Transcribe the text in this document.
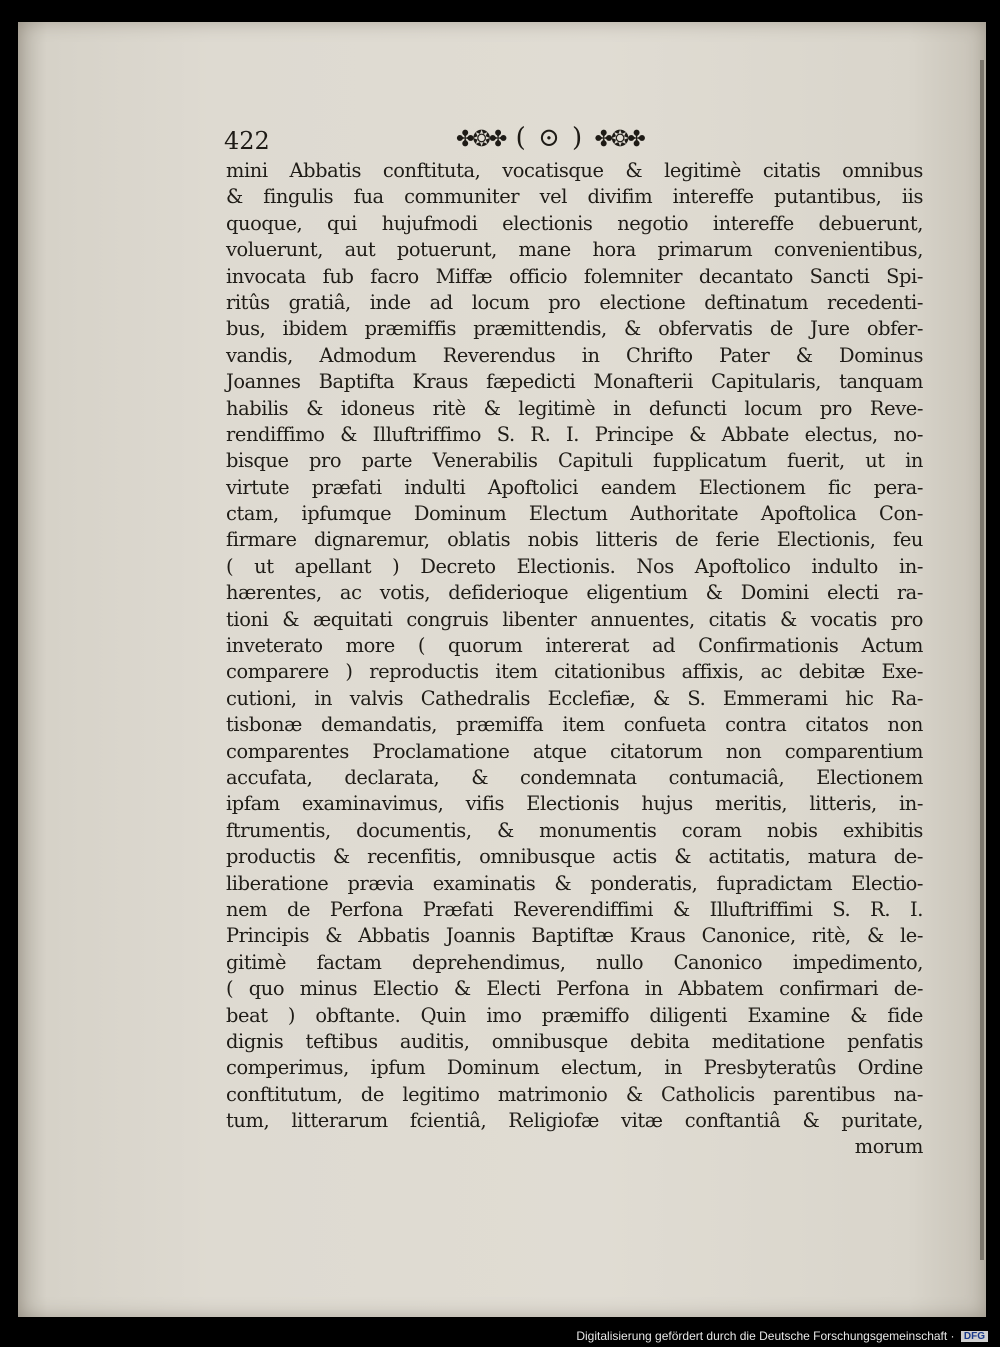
422	✤❂✤ ( ⊙ ) ✤❂✤
mini Abbatis conftituta, vocatisque & legitimè citatis omnibus
& fingulis fua communiter vel divifim intereffe putantibus, iis
quoque, qui hujufmodi electionis negotio intereffe debuerunt,
voluerunt, aut potuerunt, mane hora primarum convenientibus,
invocata fub facro Miffæ officio folemniter decantato Sancti Spi-
ritûs gratiâ, inde ad locum pro electione deftinatum recedenti-
bus, ibidem præmiffis præmittendis, & obfervatis de Jure obfer-
vandis, Admodum Reverendus in Chrifto Pater & Dominus
Joannes Baptifta Kraus fæpedicti Monafterii Capitularis, tanquam
habilis & idoneus ritè & legitimè in defuncti locum pro Reve-
rendiffimo & Illuftriffimo S. R. I. Principe & Abbate electus, no-
bisque pro parte Venerabilis Capituli fupplicatum fuerit, ut in
virtute præfati indulti Apoftolici eandem Electionem fic pera-
ctam, ipfumque Dominum Electum Authoritate Apoftolica Con-
firmare dignaremur, oblatis nobis litteris de ferie Electionis, feu
( ut apellant ) Decreto Electionis. Nos Apoftolico indulto in-
hærentes, ac votis, defiderioque eligentium & Domini electi ra-
tioni & æquitati congruis libenter annuentes, citatis & vocatis pro
inveterato more ( quorum intererat ad Confirmationis Actum
comparere ) reproductis item citationibus affixis, ac debitæ Exe-
cutioni, in valvis Cathedralis Ecclefiæ, & S. Emmerami hic Ra-
tisbonæ demandatis, præmiffa item confueta contra citatos non
comparentes Proclamatione atque citatorum non comparentium
accufata, declarata, & condemnata contumaciâ, Electionem
ipfam examinavimus, vifis Electionis hujus meritis, litteris, in-
ftrumentis, documentis, & monumentis coram nobis exhibitis
productis & recenfitis, omnibusque actis & actitatis, matura de-
liberatione prævia examinatis & ponderatis, fupradictam Electio-
nem de Perfona Præfati Reverendiffimi & Illuftriffimi S. R. I.
Principis & Abbatis Joannis Baptiftæ Kraus Canonice, ritè, & le-
gitimè factam deprehendimus, nullo Canonico impedimento,
( quo minus Electio & Electi Perfona in Abbatem confirmari de-
beat ) obftante. Quin imo præmiffo diligenti Examine & fide
dignis teftibus auditis, omnibusque debita meditatione penfatis
comperimus, ipfum Dominum electum, in Presbyteratûs Ordine
conftitutum, de legitimo matrimonio & Catholicis parentibus na-
tum, litterarum fcientiâ, Religiofæ vitæ conftantiâ & puritate,
morum
Digitalisierung gefördert durch die Deutsche Forschungsgemeinschaft · DFG
